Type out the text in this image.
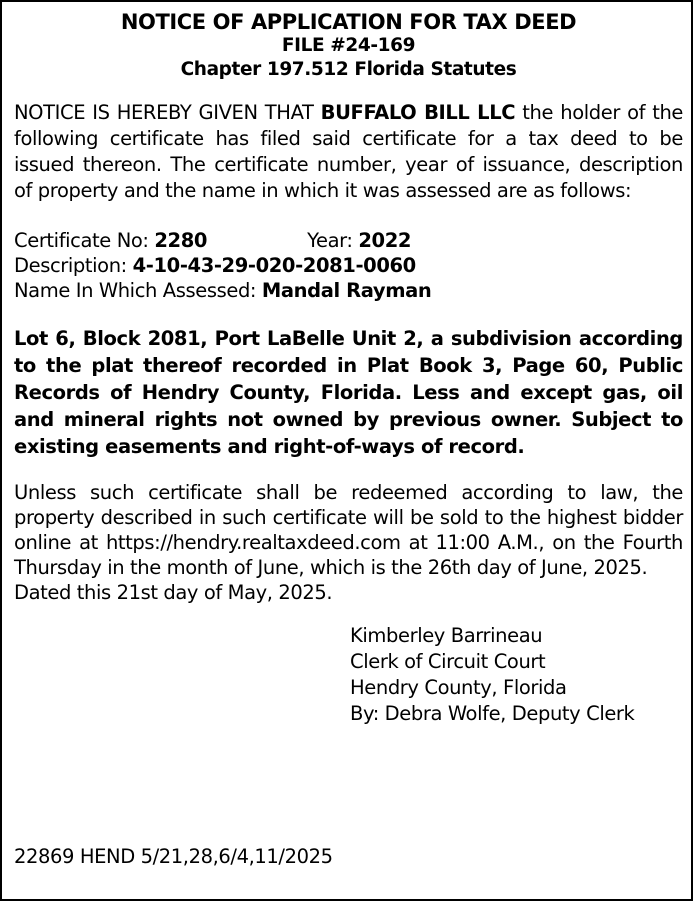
NOTICE OF APPLICATION FOR TAX DEED
FILE #24-169
Chapter 197.512 Florida Statutes
NOTICE IS HEREBY GIVEN THAT BUFFALO BILL LLC the holder of the following certificate has filed said certificate for a tax deed to be issued thereon. The certificate number, year of issuance, description of property and the name in which it was assessed are as follows:
Certificate No: 2280	Year: 2022
Description: 4-10-43-29-020-2081-0060
Name In Which Assessed: Mandal Rayman
Lot 6, Block 2081, Port LaBelle Unit 2, a subdivision according to the plat thereof recorded in Plat Book 3, Page 60, Public Records of Hendry County, Florida. Less and except gas, oil and mineral rights not owned by previous owner. Subject to existing easements and right-of-ways of record.
Unless such certificate shall be redeemed according to law, the property described in such certificate will be sold to the highest bidder online at https://hendry.realtaxdeed.com at 11:00 A.M., on the Fourth Thursday in the month of June, which is the 26th day of June, 2025.
Dated this 21st day of May, 2025.
Kimberley Barrineau
Clerk of Circuit Court
Hendry County, Florida
By: Debra Wolfe, Deputy Clerk
22869 HEND 5/21,28,6/4,11/2025
